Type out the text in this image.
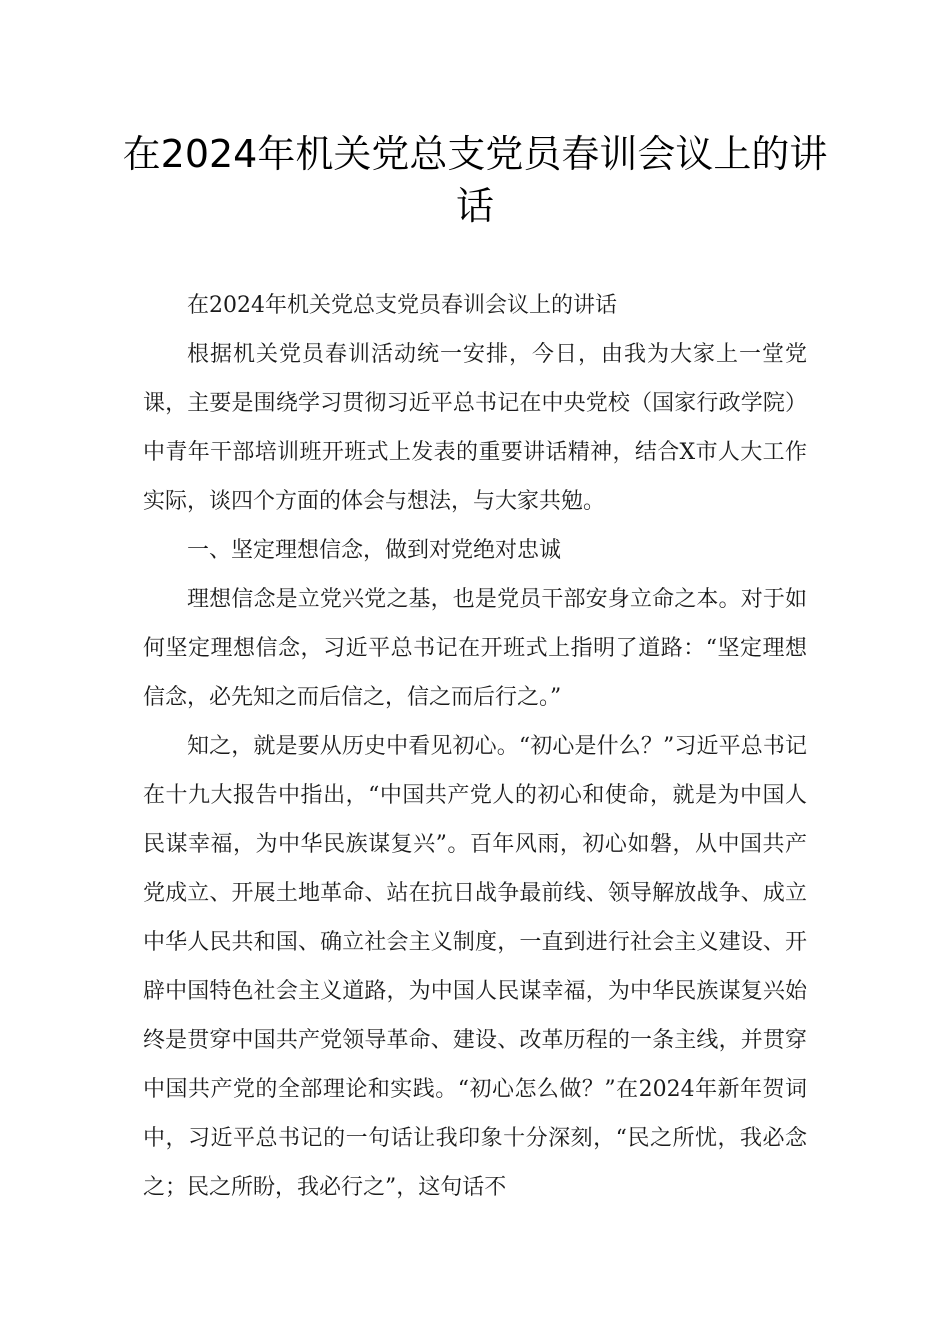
在2024年机关党总支党员春训会议上的讲话

在2024年机关党总支党员春训会议上的讲话

根据机关党员春训活动统一安排，今日，由我为大家上一堂党课，主要是围绕学习贯彻习近平总书记在中央党校（国家行政学院）中青年干部培训班开班式上发表的重要讲话精神，结合X市人大工作实际，谈四个方面的体会与想法，与大家共勉。

一、坚定理想信念，做到对党绝对忠诚

理想信念是立党兴党之基，也是党员干部安身立命之本。对于如何坚定理想信念，习近平总书记在开班式上指明了道路：“坚定理想信念，必先知之而后信之，信之而后行之。”

知之，就是要从历史中看见初心。“初心是什么？”习近平总书记在十九大报告中指出，“中国共产党人的初心和使命，就是为中国人民谋幸福，为中华民族谋复兴”。百年风雨，初心如磐，从中国共产党成立、开展土地革命、站在抗日战争最前线、领导解放战争、成立中华人民共和国、确立社会主义制度，一直到进行社会主义建设、开辟中国特色社会主义道路，为中国人民谋幸福，为中华民族谋复兴始终是贯穿中国共产党领导革命、建设、改革历程的一条主线，并贯穿中国共产党的全部理论和实践。“初心怎么做？”在2024年新年贺词中，习近平总书记的一句话让我印象十分深刻，“民之所忧，我必念之；民之所盼，我必行之”，这句话不
